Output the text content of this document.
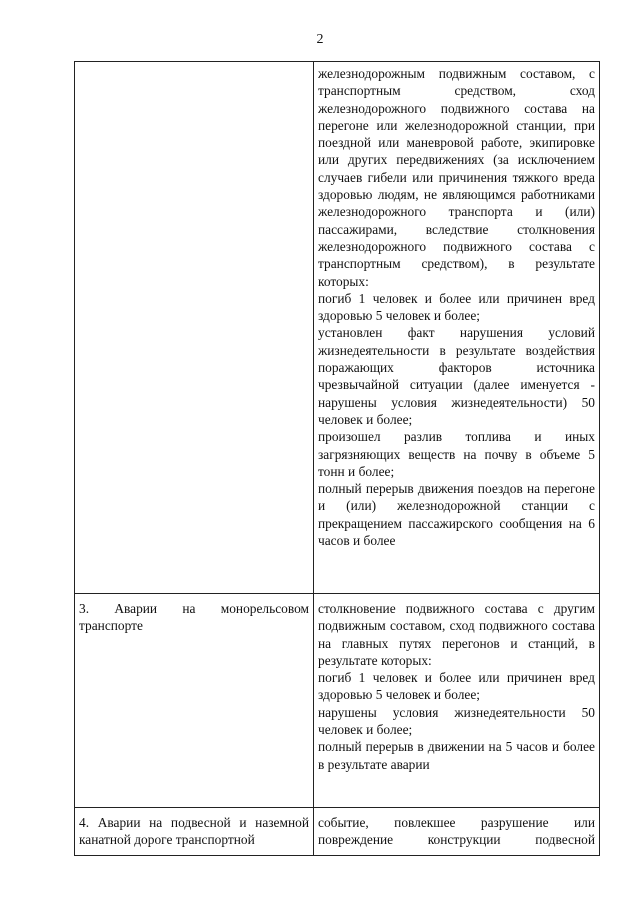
2

	железнодорожным подвижным составом, с транспортным средством, сход железнодорожного подвижного состава на перегоне или железнодорожной станции, при поездной или маневровой работе, экипировке или других передвижениях (за исключением случаев гибели или причинения тяжкого вреда здоровью людям, не являющимся работниками железнодорожного транспорта и (или) пассажирами, вследствие столкновения железнодорожного подвижного состава с транспортным средством), в результате которых:

погиб 1 человек и более или причинен вред здоровью 5 человек и более;

установлен факт нарушения условий жизнедеятельности в результате воздействия поражающих факторов источника чрезвычайной ситуации (далее именуется - нарушены условия жизнедеятельности) 50 человек и более;

произошел разлив топлива и иных загрязняющих веществ на почву в объеме 5 тонн и более;

полный перерыв движения поездов на перегоне и (или) железнодорожной станции с прекращением пассажирского сообщения на 6 часов и более

3. Аварии на монорельсовом транспорте	столкновение подвижного состава с другим подвижным составом, сход подвижного состава на главных путях перегонов и станций, в результате которых:

погиб 1 человек и более или причинен вред здоровью 5 человек и более;

нарушены условия жизнедеятельности 50 человек и более;

полный перерыв в движении на 5 часов и более в результате аварии

4. Аварии на подвесной и наземной канатной дороге транспортной	событие, повлекшее разрушение или повреждение конструкции подвесной
